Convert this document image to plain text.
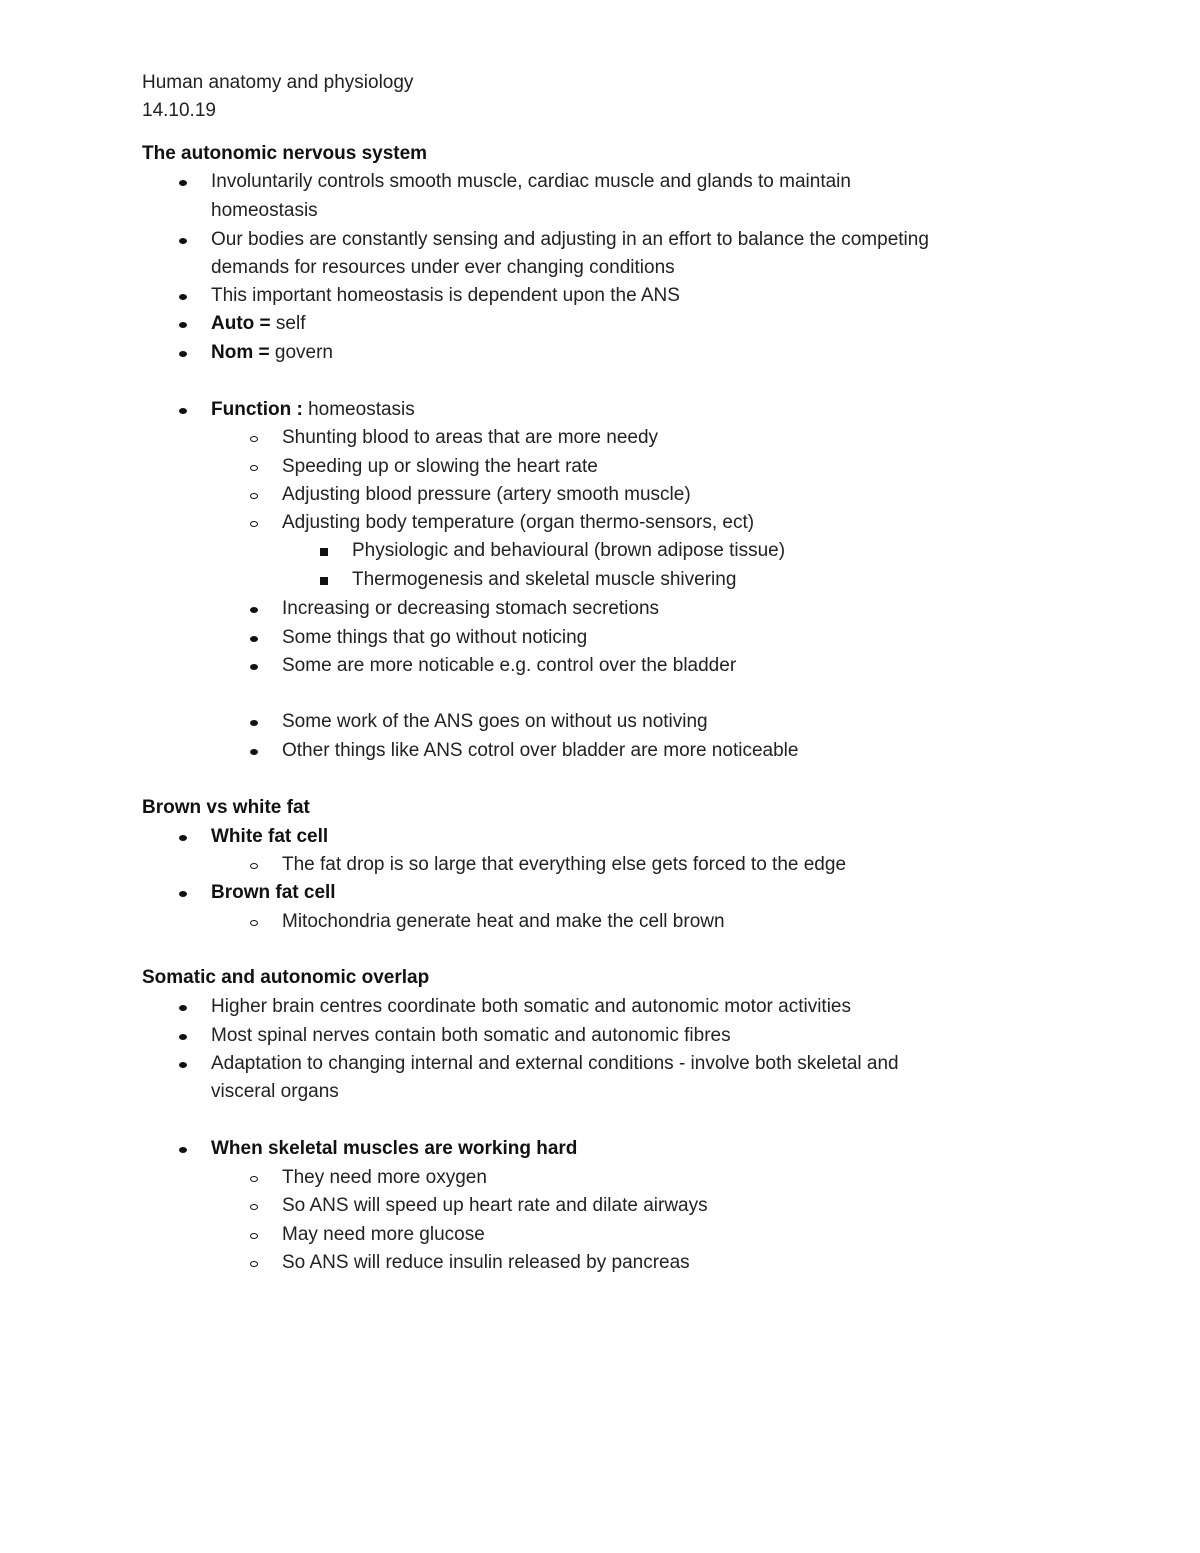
Human anatomy and physiology
14.10.19
The autonomic nervous system
Involuntarily controls smooth muscle, cardiac muscle and glands to maintain
homeostasis
Our bodies are constantly sensing and adjusting in an effort to balance the competing
demands for resources under ever changing conditions
This important homeostasis is dependent upon the ANS
Auto = self
Nom = govern
Function : homeostasis
Shunting blood to areas that are more needy
Speeding up or slowing the heart rate
Adjusting blood pressure (artery smooth muscle)
Adjusting body temperature (organ thermo-sensors, ect)
Physiologic and behavioural (brown adipose tissue)
Thermogenesis and skeletal muscle shivering
Increasing or decreasing stomach secretions
Some things that go without noticing
Some are more noticable e.g. control over the bladder
Some work of the ANS goes on without us notiving
Other things like ANS cotrol over bladder are more noticeable
Brown vs white fat
White fat cell
The fat drop is so large that everything else gets forced to the edge
Brown fat cell
Mitochondria generate heat and make the cell brown
Somatic and autonomic overlap
Higher brain centres coordinate both somatic and autonomic motor activities
Most spinal nerves contain both somatic and autonomic fibres
Adaptation to changing internal and external conditions - involve both skeletal and
visceral organs
When skeletal muscles are working hard
They need more oxygen
So ANS will speed up heart rate and dilate airways
May need more glucose
So ANS will reduce insulin released by pancreas
